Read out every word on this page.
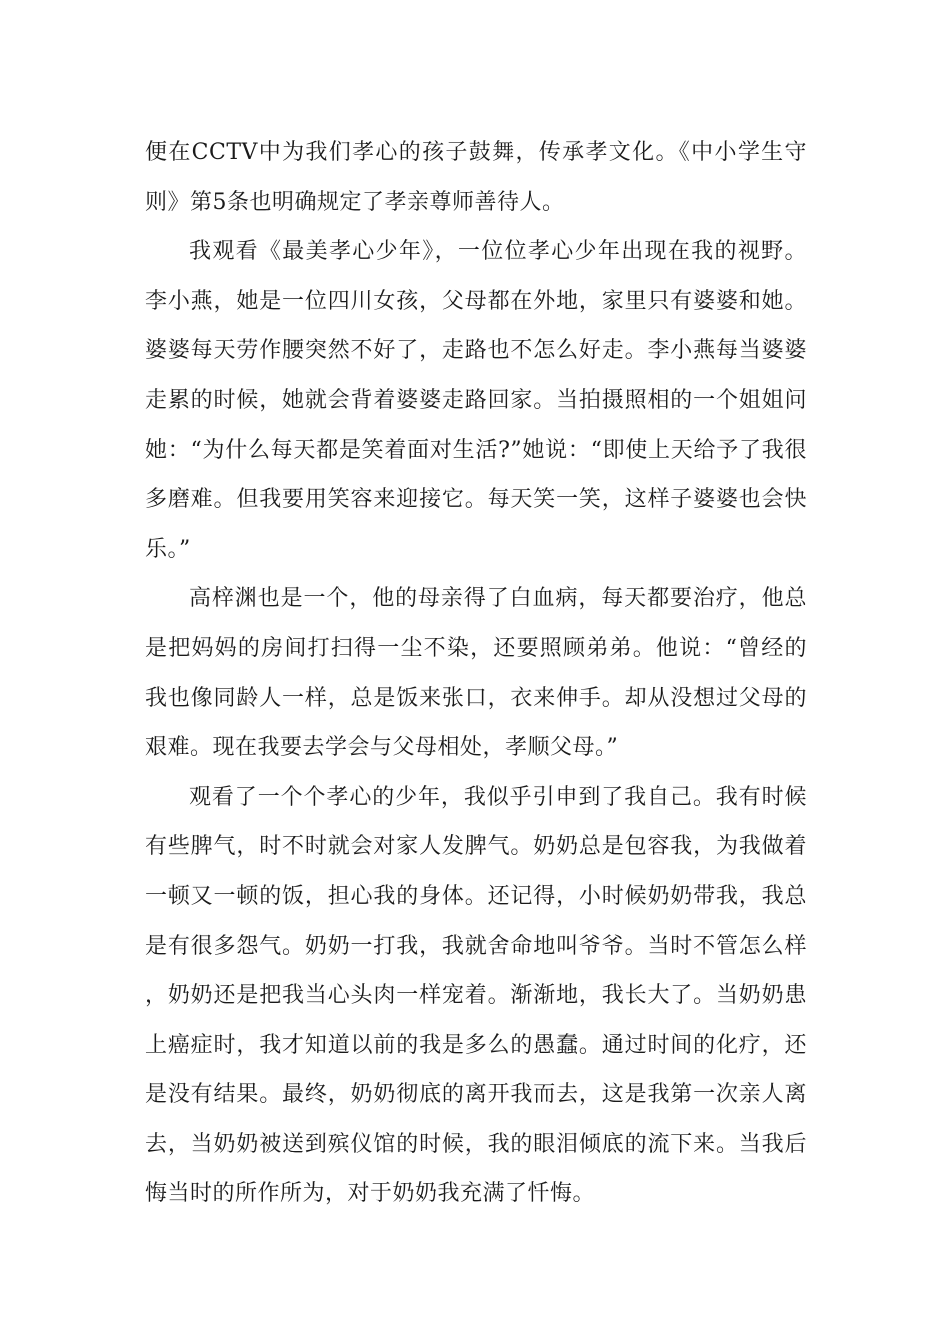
便在CCTV中为我们孝心的孩子鼓舞，传承孝文化。《中小学生守则》第5条也明确规定了孝亲尊师善待人。

我观看《最美孝心少年》，一位位孝心少年出现在我的视野。李小燕，她是一位四川女孩，父母都在外地，家里只有婆婆和她。婆婆每天劳作腰突然不好了，走路也不怎么好走。李小燕每当婆婆走累的时候，她就会背着婆婆走路回家。当拍摄照相的一个姐姐问她：“为什么每天都是笑着面对生活?”她说：“即使上天给予了我很多磨难。但我要用笑容来迎接它。每天笑一笑，这样子婆婆也会快乐。”

高梓渊也是一个，他的母亲得了白血病，每天都要治疗，他总是把妈妈的房间打扫得一尘不染，还要照顾弟弟。他说：“曾经的我也像同龄人一样，总是饭来张口，衣来伸手。却从没想过父母的艰难。现在我要去学会与父母相处，孝顺父母。”

观看了一个个孝心的少年，我似乎引申到了我自己。我有时候有些脾气，时不时就会对家人发脾气。奶奶总是包容我，为我做着一顿又一顿的饭，担心我的身体。还记得，小时候奶奶带我，我总是有很多怨气。奶奶一打我，我就舍命地叫爷爷。当时不管怎么样，奶奶还是把我当心头肉一样宠着。渐渐地，我长大了。当奶奶患上癌症时，我才知道以前的我是多么的愚蠢。通过时间的化疗，还是没有结果。最终，奶奶彻底的离开我而去，这是我第一次亲人离去，当奶奶被送到殡仪馆的时候，我的眼泪倾底的流下来。当我后悔当时的所作所为，对于奶奶我充满了忏悔。
